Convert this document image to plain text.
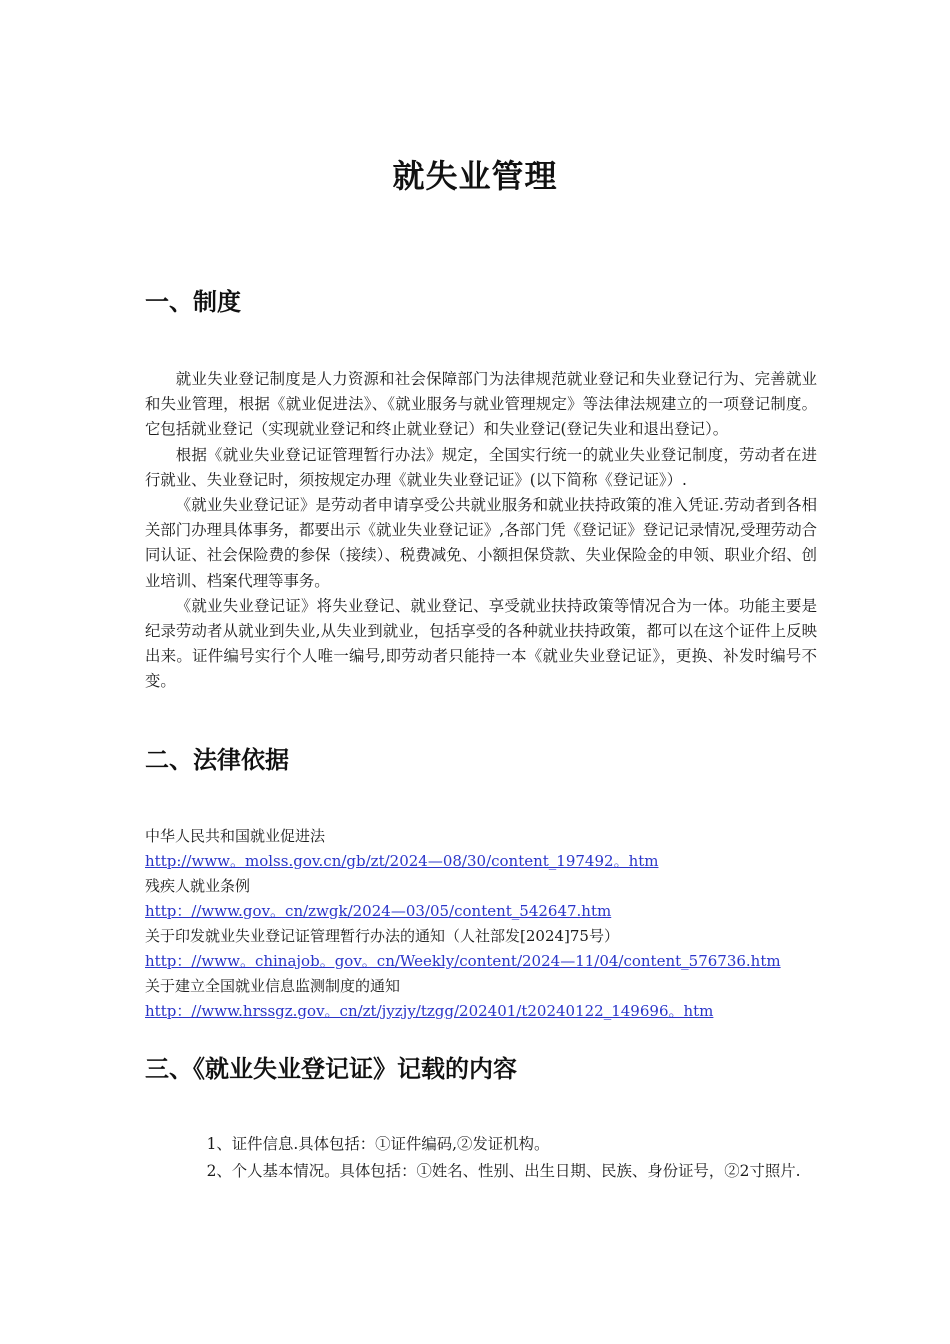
就失业管理
一、制度

就业失业登记制度是人力资源和社会保障部门为法律规范就业登记和失业登记行为、完善就业和失业管理，根据《就业促进法》、《就业服务与就业管理规定》等法律法规建立的一项登记制度。它包括就业登记（实现就业登记和终止就业登记）和失业登记(登记失业和退出登记）。

根据《就业失业登记证管理暂行办法》规定，全国实行统一的就业失业登记制度，劳动者在进行就业、失业登记时，须按规定办理《就业失业登记证》(以下简称《登记证》）.

《就业失业登记证》是劳动者申请享受公共就业服务和就业扶持政策的准入凭证.劳动者到各相关部门办理具体事务，都要出示《就业失业登记证》,各部门凭《登记证》登记记录情况,受理劳动合同认证、社会保险费的参保（接续）、税费减免、小额担保贷款、失业保险金的申领、职业介绍、创业培训、档案代理等事务。

《就业失业登记证》将失业登记、就业登记、享受就业扶持政策等情况合为一体。功能主要是纪录劳动者从就业到失业,从失业到就业，包括享受的各种就业扶持政策，都可以在这个证件上反映出来。证件编号实行个人唯一编号,即劳动者只能持一本《就业失业登记证》，更换、补发时编号不变。

二、法律依据
中华人民共和国就业促进法
http://www。molss.gov.cn/gb/zt/2024—08/30/content_197492。htm
残疾人就业条例
http：//www.gov。cn/zwgk/2024—03/05/content_542647.htm
关于印发就业失业登记证管理暂行办法的通知（人社部发[2024]75号）
http：//www。chinajob。gov。cn/Weekly/content/2024—11/04/content_576736.htm
关于建立全国就业信息监测制度的通知
http：//www.hrssgz.gov。cn/zt/jyzjy/tzgg/202401/t20240122_149696。htm
三、《就业失业登记证》记载的内容

1、证件信息.具体包括：①证件编码,②发证机构。

2、个人基本情况。具体包括：①姓名、性别、出生日期、民族、身份证号，②2寸照片.
